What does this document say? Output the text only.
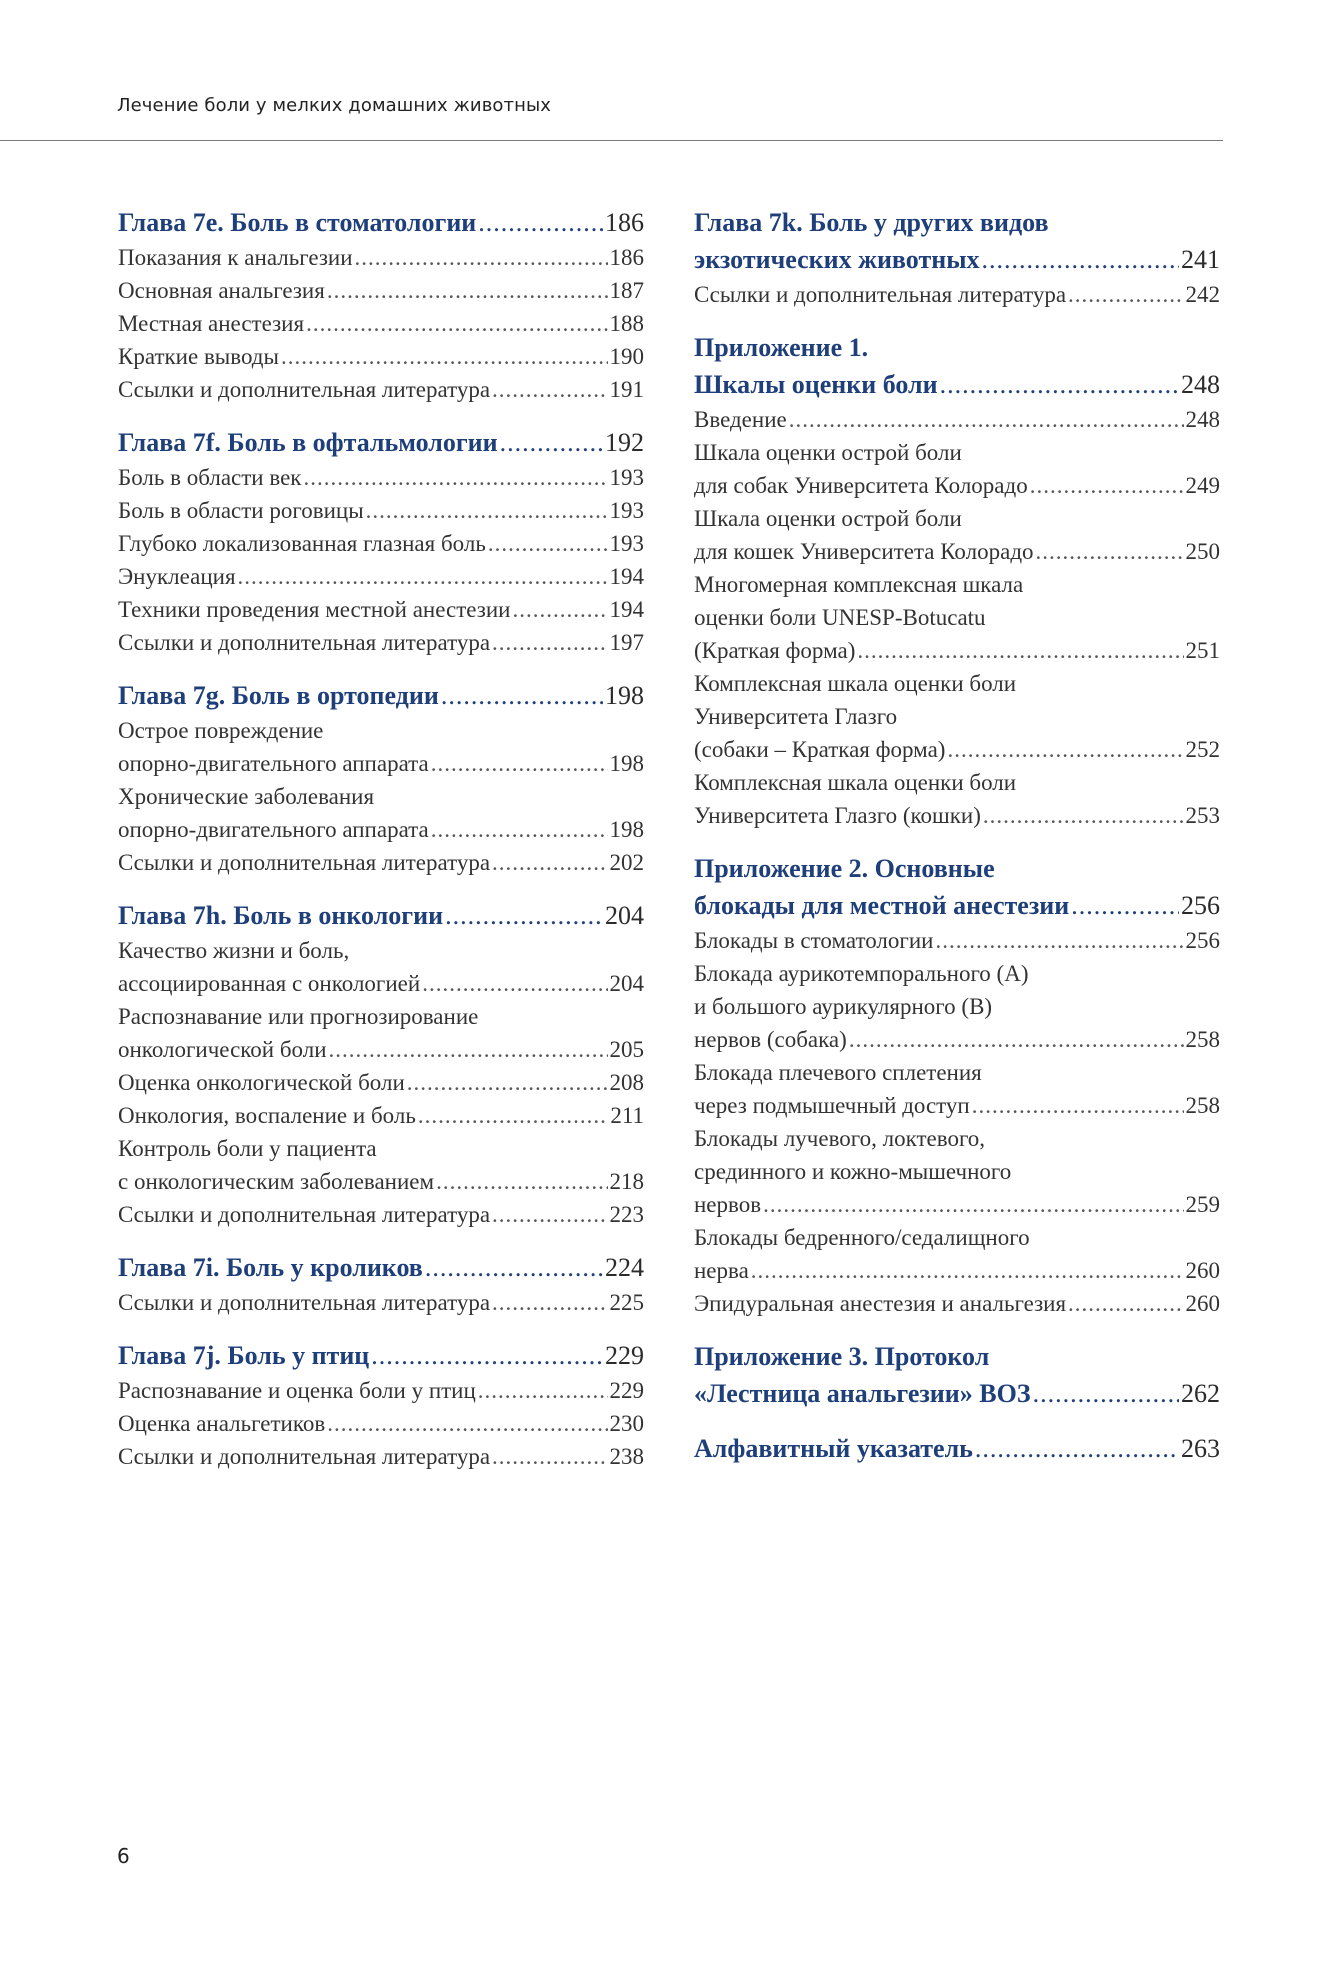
Лечение боли у мелких домашних животных
Глава 7e. Боль в стоматологии .....	186
Показания к анальгезии .....	186
Основная анальгезия .....	187
Местная анестезия .....	188
Краткие выводы .....	190
Ссылки и дополнительная литература .....	191
Глава 7f. Боль в офтальмологии .....	192
Боль в области век .....	193
Боль в области роговицы .....	193
Глубоко локализованная глазная боль .....	193
Энуклеация .....	194
Техники проведения местной анестезии .....	194
Ссылки и дополнительная литература .....	197
Глава 7g. Боль в ортопедии .....	198
Острое повреждение
опорно-двигательного аппарата .....	198
Хронические заболевания
опорно-двигательного аппарата .....	198
Ссылки и дополнительная литература .....	202
Глава 7h. Боль в онкологии .....	204
Качество жизни и боль,
ассоциированная с онкологией .....	204
Распознавание или прогнозирование
онкологической боли .....	205
Оценка онкологической боли .....	208
Онкология, воспаление и боль .....	211
Контроль боли у пациента
с онкологическим заболеванием .....	218
Ссылки и дополнительная литература .....	223
Глава 7i. Боль у кроликов .....	224
Ссылки и дополнительная литература .....	225
Глава 7j. Боль у птиц .....	229
Распознавание и оценка боли у птиц .....	229
Оценка анальгетиков .....	230
Ссылки и дополнительная литература .....	238
Глава 7k. Боль у других видов
экзотических животных .....	241
Ссылки и дополнительная литература .....	242
Приложение 1.
Шкалы оценки боли .....	248
Введение .....	248
Шкала оценки острой боли
для собак Университета Колорадо .....	249
Шкала оценки острой боли
для кошек Университета Колорадо .....	250
Многомерная комплексная шкала
оценки боли UNESP-Botucatu
(Краткая форма) .....	251
Комплексная шкала оценки боли
Университета Глазго
(собаки – Краткая форма) .....	252
Комплексная шкала оценки боли
Университета Глазго (кошки) .....	253
Приложение 2. Основные
блокады для местной анестезии .....	256
Блокады в стоматологии .....	256
Блокада аурикотемпорального (А)
и большого аурикулярного (В)
нервов (собака) .....	258
Блокада плечевого сплетения
через подмышечный доступ .....	258
Блокады лучевого, локтевого,
срединного и кожно-мышечного
нервов .....	259
Блокады бедренного/седалищного
нерва .....	260
Эпидуральная анестезия и анальгезия .....	260
Приложение 3. Протокол
«Лестница анальгезии» ВОЗ .....	262
Алфавитный указатель .....	263
6
